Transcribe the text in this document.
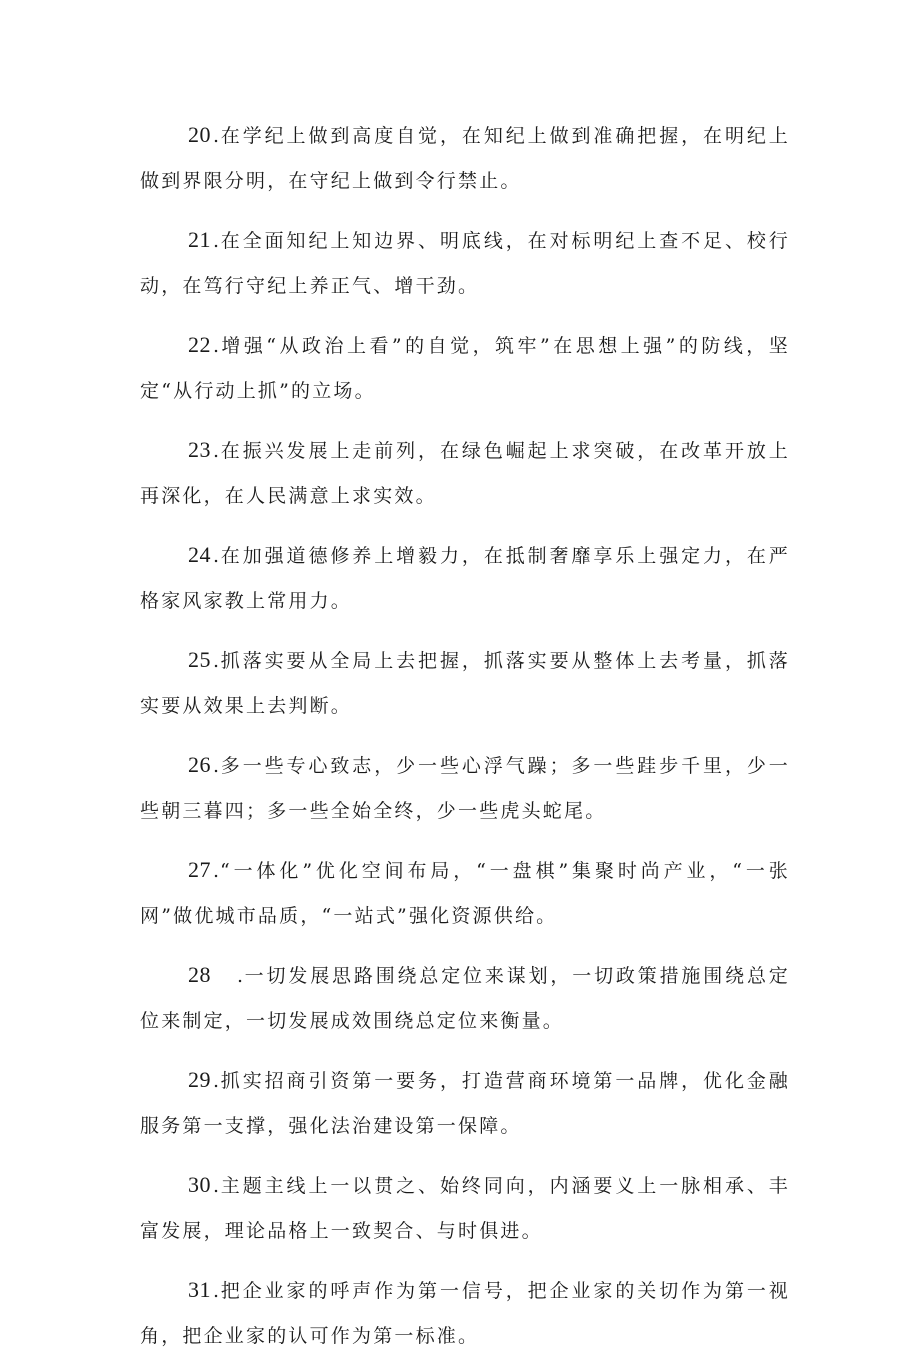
20 .在学纪上做到高度自觉，在知纪上做到准确把握，在明纪上做到界限分明，在守纪上做到令行禁止。

21 .在全面知纪上知边界、明底线，在对标明纪上查不足、校行动，在笃行守纪上养正气、增干劲。

22 .增强“从政治上看”的自觉，筑牢”在思想上强”的防线，坚定“从行动上抓”的立场。

23 .在振兴发展上走前列，在绿色崛起上求突破，在改革开放上再深化，在人民满意上求实效。

24 .在加强道德修养上增毅力，在抵制奢靡享乐上强定力，在严格家风家教上常用力。

25 .抓落实要从全局上去把握，抓落实要从整体上去考量，抓落实要从效果上去判断。

26 .多一些专心致志，少一些心浮气躁；多一些跬步千里，少一些朝三暮四；多一些全始全终，少一些虎头蛇尾。

27 .“一体化”优化空间布局，“一盘棋”集聚时尚产业，“一张网”做优城市品质，“一站式”强化资源供给。

28 .一切发展思路围绕总定位来谋划，一切政策措施围绕总定位来制定，一切发展成效围绕总定位来衡量。

29 .抓实招商引资第一要务，打造营商环境第一品牌，优化金融服务第一支撑，强化法治建设第一保障。

30 .主题主线上一以贯之、始终同向，内涵要义上一脉相承、丰富发展，理论品格上一致契合、与时俱进。

31 .把企业家的呼声作为第一信号，把企业家的关切作为第一视角，把企业家的认可作为第一标准。
